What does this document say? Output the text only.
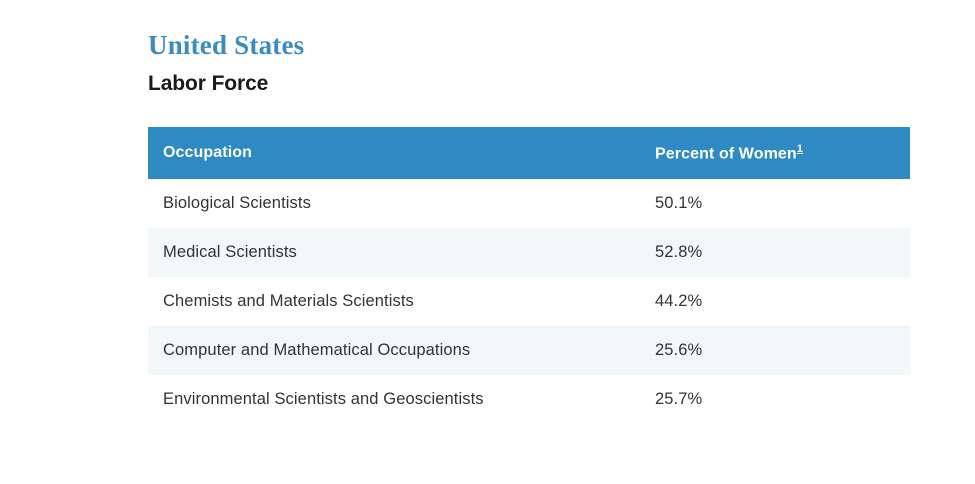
United States
Labor Force
Occupation	Percent of Women$^1$
Biological Scientists	50.1%
Medical Scientists	52.8%
Chemists and Materials Scientists	44.2%
Computer and Mathematical Occupations	25.6%
Environmental Scientists and Geoscientists	25.7%
